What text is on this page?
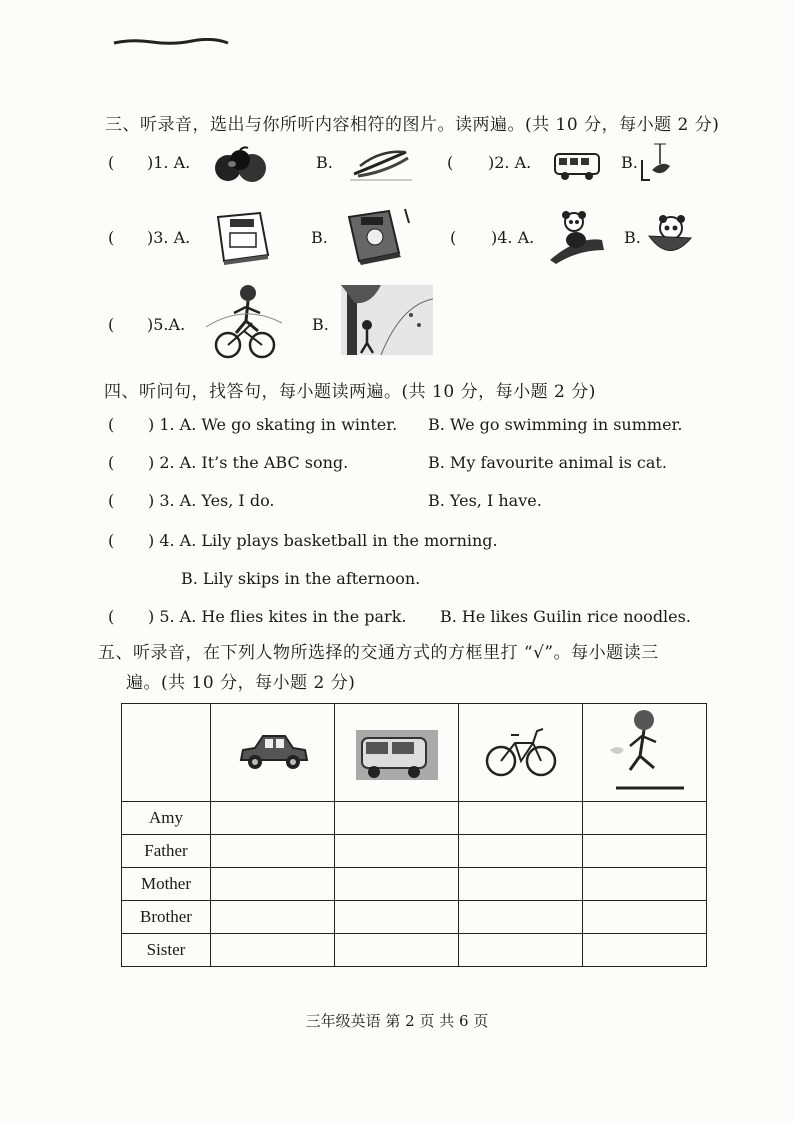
三、听录音，选出与你所听内容相符的图片。读两遍。(共 10 分，每小题 2 分)
( )1. A.	B.	( )2. A.	B.
( )3. A.	B.	( )4. A.	B.
( )5.A.	B.
四、听问句，找答句，每小题读两遍。(共 10 分，每小题 2 分)
( ) 1. A. We go skating in winter. B. We go swimming in summer.
( ) 2. A. It’s the ABC song.	B. My favourite animal is cat.
( ) 3. A. Yes, I do.	B. Yes, I have.
( ) 4. A. Lily plays basketball in the morning.
B. Lily skips in the afternoon.
( ) 5. A. He flies kites in the park. B. He likes Guilin rice noodles.
五、听录音，在下列人物所选择的交通方式的方框里打 “√”。每小题读三
遍。(共 10 分，每小题 2 分)

Amy				
Father				
Mother				
Brother				
Sister				
三年级英语 第 2 页 共 6 页
